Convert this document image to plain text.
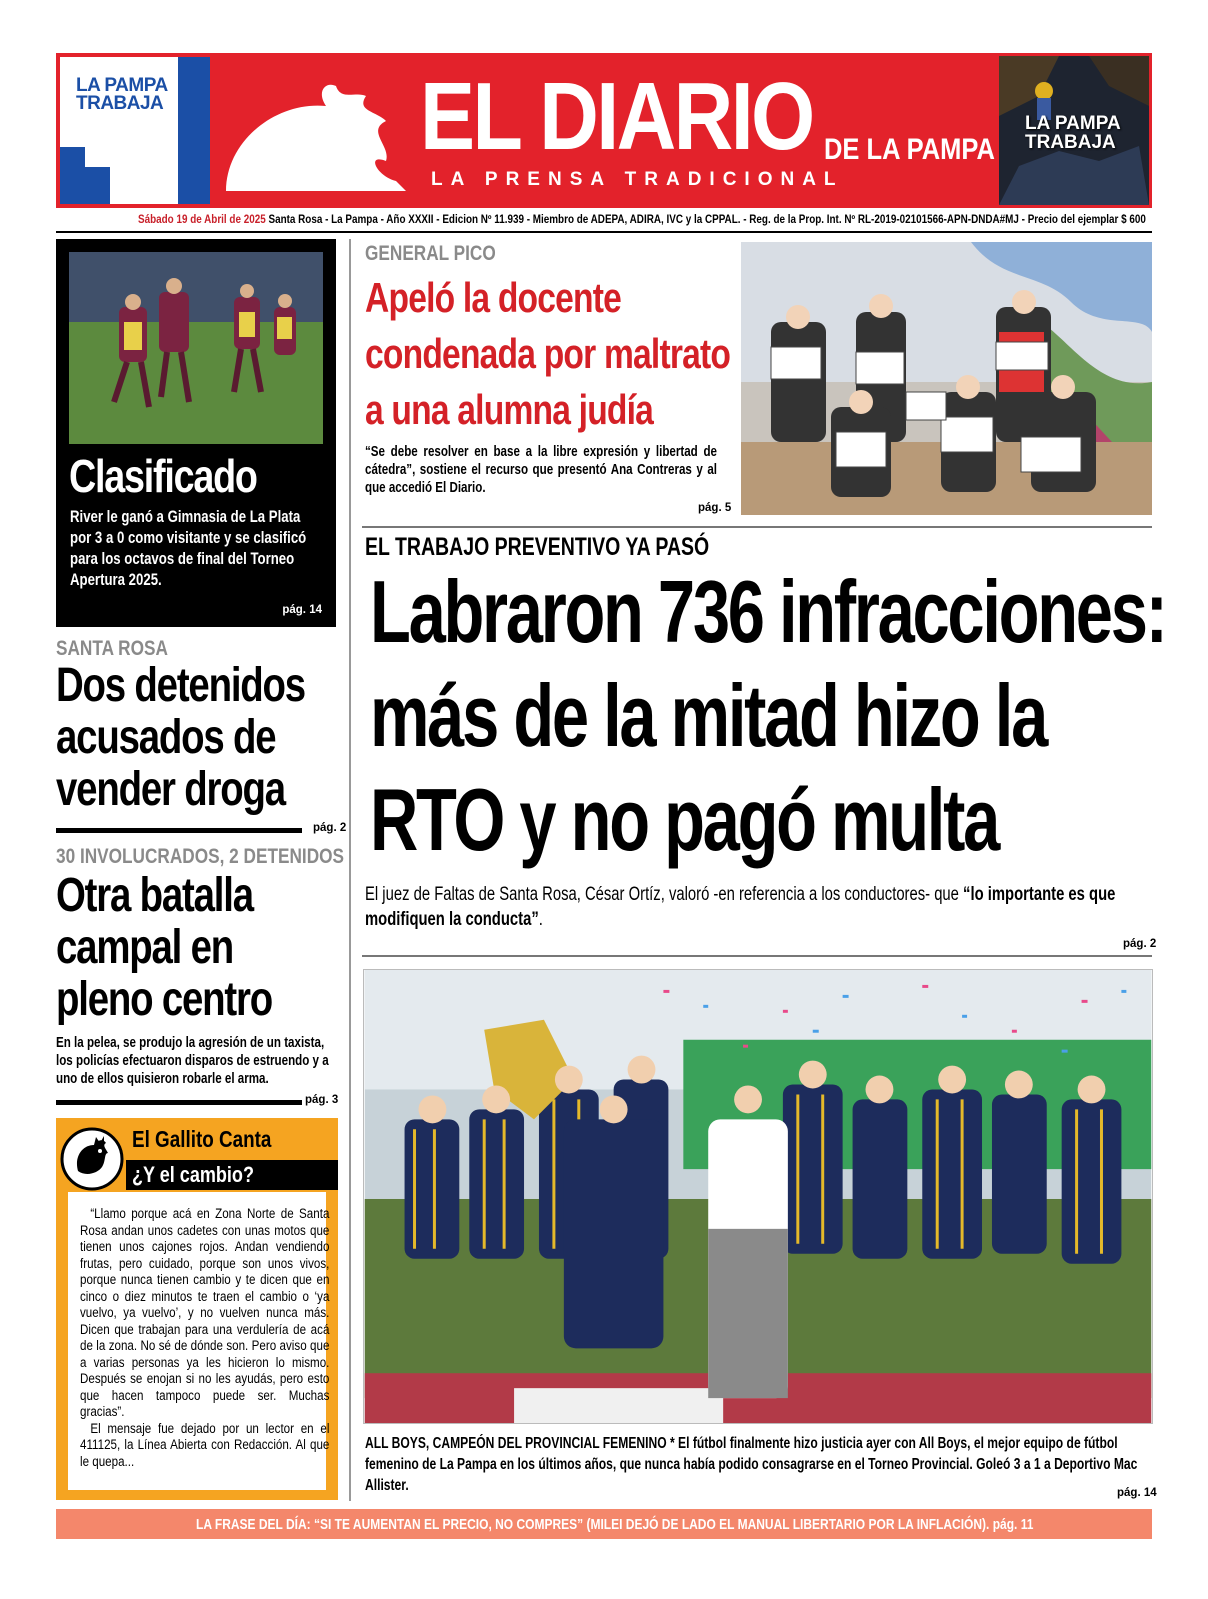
LA PAMPA
TRABAJA	EL DIARIO DE LA PAMPA
LA PRENSA TRADICIONAL
LA PAMPA
TRABAJA
Sábado 19 de Abril de 2025 Santa Rosa - La Pampa - Año XXXII - Edicion Nº 11.939 - Miembro de ADEPA, ADIRA, IVC y la CPPAL. - Reg. de la Prop. Int. Nº RL-2019-02101566-APN-DNDA#MJ - Precio del ejemplar $ 600
Clasificado
River le ganó a Gimnasia de La Plata por 3 a 0 como visitante y se clasificó para los octavos de final del Torneo Apertura 2025.
pág. 14
SANTA ROSA
Dos detenidos
acusados de
vender droga
pág. 2
30 INVOLUCRADOS, 2 DETENIDOS
Otra batalla
campal en
pleno centro
En la pelea, se produjo la agresión de un taxista, los policías efectuaron disparos de estruendo y a uno de ellos quisieron robarle el arma.
pág. 3
El Gallito Canta
¿Y el cambio?

“Llamo porque acá en Zona Norte de Santa Rosa andan unos cadetes con unas motos que tienen unos cajones rojos. Andan vendiendo frutas, pero cuidado, porque son unos vivos, porque nunca tienen cambio y te dicen que en cinco o diez minutos te traen el cambio o ‘ya vuelvo, ya vuelvo’, y no vuelven nunca más. Dicen que trabajan para una verdulería de acá de la zona. No sé de dónde son. Pero aviso que a varias personas ya les hicieron lo mismo. Después se enojan si no les ayudás, pero esto que hacen tampoco puede ser. Muchas gracias”.

El mensaje fue dejado por un lector en el 411125, la Línea Abierta con Redacción. Al que le quepa...

GENERAL PICO
Apeló la docente
condenada por maltrato
a una alumna judía
“Se debe resolver en base a la libre expresión y libertad de cátedra”, sostiene el recurso que presentó Ana Contreras y al que accedió El Diario.
pág. 5
EL TRABAJO PREVENTIVO YA PASÓ
Labraron 736 infracciones:
más de la mitad hizo la
RTO y no pagó multa
El juez de Faltas de Santa Rosa, César Ortíz, valoró -en referencia a los conductores- que “lo importante es que modifiquen la conducta”.
pág. 2
ALL BOYS, CAMPEÓN DEL PROVINCIAL FEMENINO * El fútbol finalmente hizo justicia ayer con All Boys, el mejor equipo de fútbol femenino de La Pampa en los últimos años, que nunca había podido consagrarse en el Torneo Provincial. Goleó 3 a 1 a Deportivo Mac Allister.	pág. 14
LA FRASE DEL DÍA: “SI TE AUMENTAN EL PRECIO, NO COMPRES” (MILEI DEJÓ DE LADO EL MANUAL LIBERTARIO POR LA INFLACIÓN). pág. 11
